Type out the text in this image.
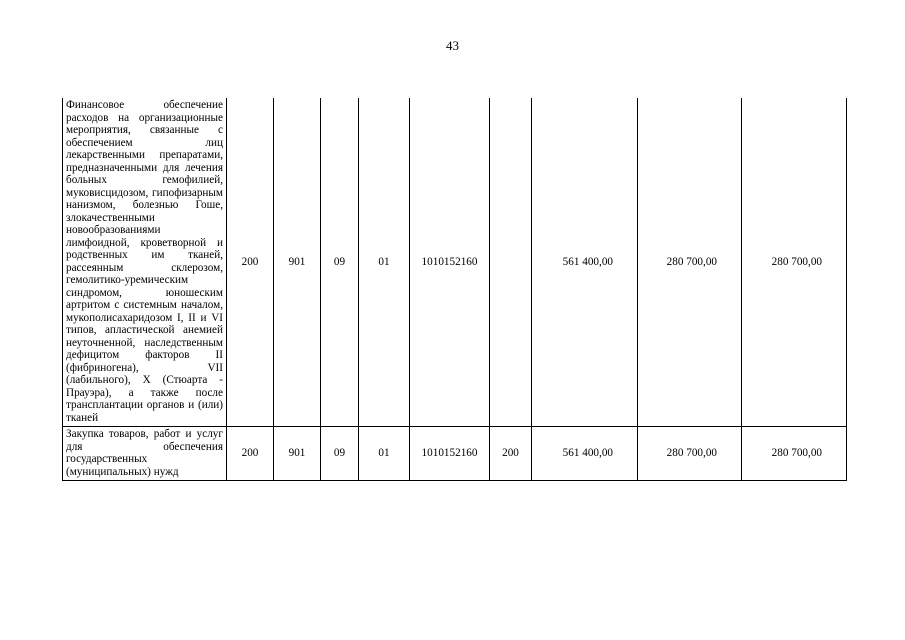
43
Финансовое обеспечение расходов на организационные мероприятия, связанные с обеспечением лиц лекарственными препаратами, предназначенными для лечения больных гемофилией, муковисцидозом, гипофизарным нанизмом, болезнью Гоше, злокачественными новообразованиями лимфоидной, кроветворной и родственных им тканей, рассеянным склерозом, гемолитико-уремическим синдромом, юношеским артритом с системным началом, мукополисахаридозом I, II и VI типов, апластической анемией неуточненной, наследственным дефицитом факторов II (фибриногена), VII (лабильного), X (Стюарта - Прауэра), а также после трансплантации органов и (или) тканей	200	901	09	01	1010152160		561 400,00	280 700,00	280 700,00
Закупка товаров, работ и услуг для обеспечения государственных (муниципальных) нужд	200	901	09	01	1010152160	200	561 400,00	280 700,00	280 700,00
